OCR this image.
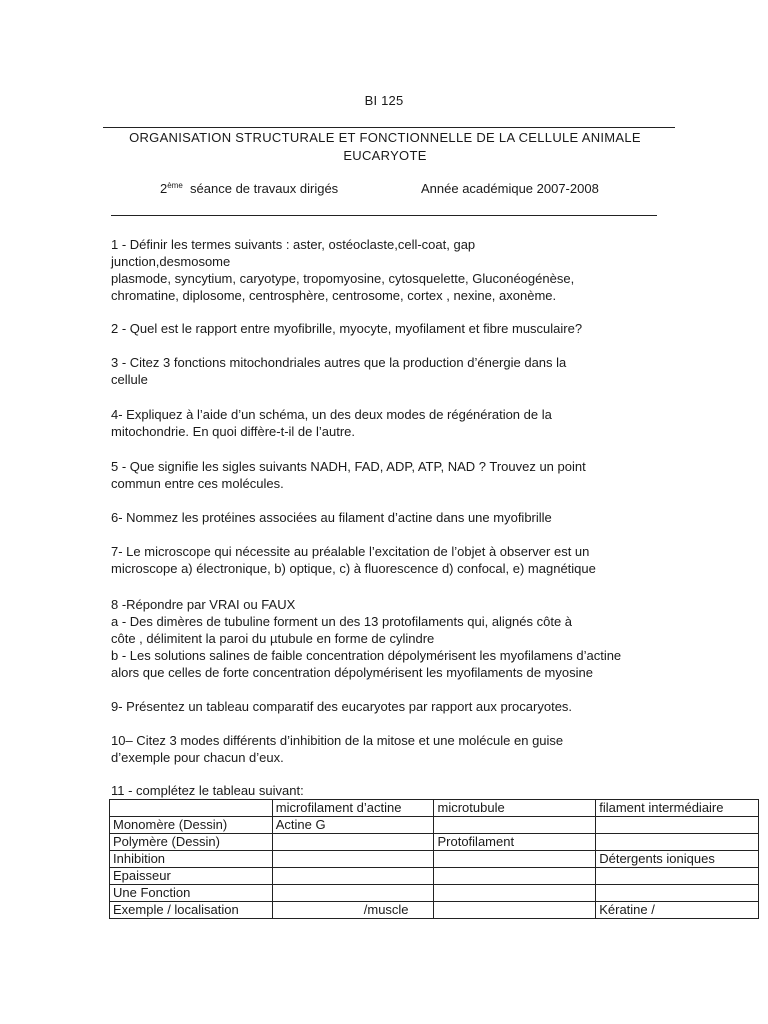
BI 125
ORGANISATION STRUCTURALE ET FONCTIONNELLE DE LA CELLULE ANIMALE EUCARYOTE
2ème séance de travaux dirigés	Année académique 2007-2008

1 - Définir les termes suivants : aster, ostéoclaste,cell-coat, gap

junction,desmosome

plasmode, syncytium, caryotype, tropomyosine, cytosquelette, Gluconéogénèse,

chromatine, diplosome, centrosphère, centrosome, cortex , nexine, axonème.

2 - Quel est le rapport entre myofibrille, myocyte, myofilament et fibre musculaire?

3 - Citez 3 fonctions mitochondriales autres que la production d’énergie dans la

cellule

4- Expliquez à l’aide d’un schéma, un des deux modes de régénération de la

mitochondrie. En quoi diffère-t-il de l’autre.

5 - Que signifie les sigles suivants NADH, FAD, ADP, ATP, NAD ? Trouvez un point

commun entre ces molécules.

6- Nommez les protéines associées au filament d’actine dans une myofibrille

7- Le microscope qui nécessite au préalable l’excitation de l’objet à observer est un

microscope a) électronique, b) optique, c) à fluorescence d) confocal, e) magnétique

8 -Répondre par VRAI ou FAUX

a - Des dimères de tubuline forment un des 13 protofilaments qui, alignés côte à

côte , délimitent la paroi du µtubule en forme de cylindre

b - Les solutions salines de faible concentration dépolymérisent les myofilamens d’actine

alors que celles de forte concentration dépolymérisent les myofilaments de myosine

9- Présentez un tableau comparatif des eucaryotes par rapport aux procaryotes.

10– Citez 3 modes différents d’inhibition de la mitose et une molécule en guise

d’exemple pour chacun d’eux.

11 - complétez le tableau suivant:

	microfilament d’actine	microtubule	filament intermédiaire
Monomère (Dessin)	Actine G		
Polymère (Dessin)		Protofilament	
Inhibition			Détergents ioniques
Epaisseur			
Une Fonction			
Exemple / localisation	/muscle		Kératine /
